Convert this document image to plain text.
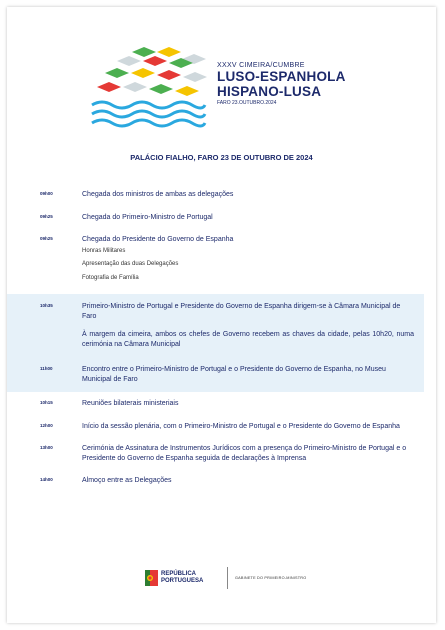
XXXV CIMEIRA/CUMBRE
LUSO-ESPANHOLA
HISPANO-LUSA
FARO 23.OUTUBRO.2024
PALÁCIO FIALHO, FARO 23 DE OUTUBRO DE 2024
09h00	Chegada dos ministros de ambas as delegações
09h25	Chegada do Primeiro-Ministro de Portugal
09h25	Chegada do Presidente do Governo de Espanha
Honras Militares
Apresentação das duas Delegações
Fotografia de Família
10h35	Primeiro-Ministro de Portugal e Presidente do Governo de Espanha dirigem-se à Câmara Municipal de Faro
À margem da cimeira, ambos os chefes de Governo recebem as chaves da cidade, pelas 10h20, numa cerimónia na Câmara Municipal
11h00	Encontro entre o Primeiro-Ministro de Portugal e o Presidente do Governo de Espanha, no Museu Municipal de Faro
10h15	Reuniões bilaterais ministeriais
12h00	Início da sessão plenária, com o Primeiro-Ministro de Portugal e o Presidente do Governo de Espanha
13h00	Cerimónia de Assinatura de Instrumentos Jurídicos com a presença do Primeiro-Ministro de Portugal e o Presidente do Governo de Espanha seguida de declarações à Imprensa
14h00	Almoço entre as Delegações
REPÚBLICA
PORTUGUESA	GABINETE DO PRIMEIRO-MINISTRO
